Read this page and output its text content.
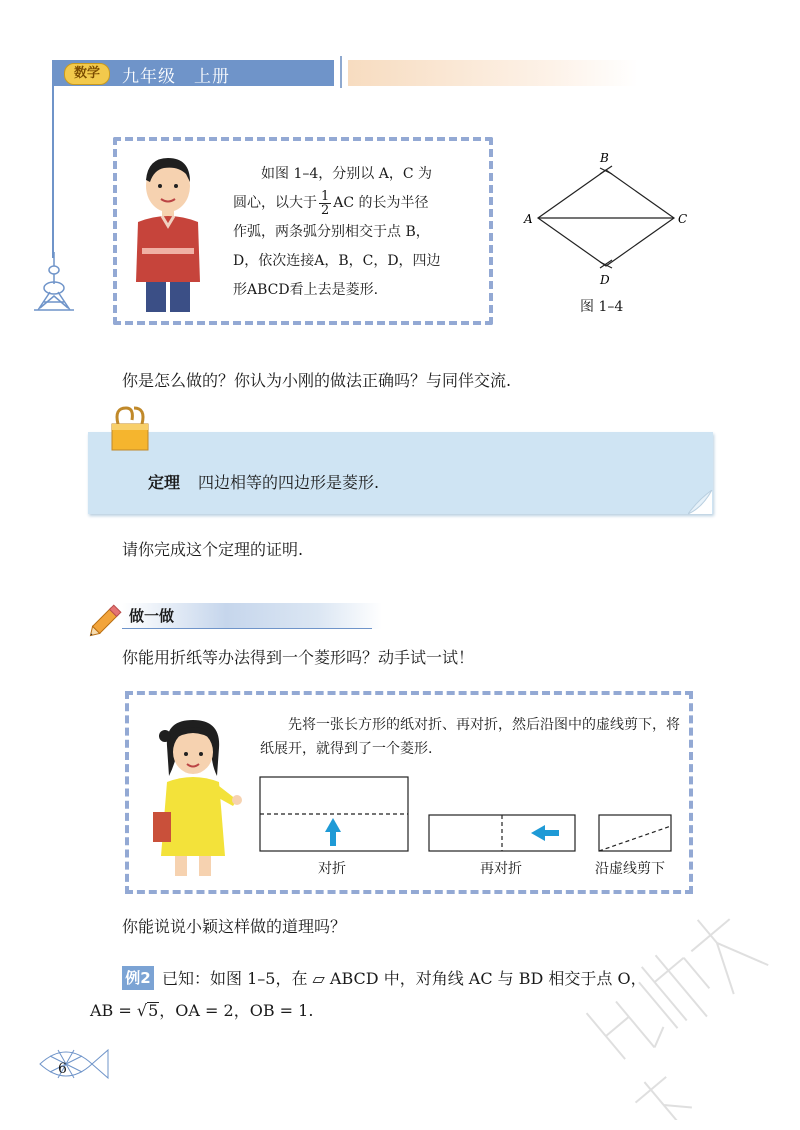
数学	九年级　上册
如图 1–4，分别以 A，C 为
圆心，以大于 $\frac{1}{2}$ AC 的长为半径
作弧，两条弧分别相交于点 B，
D，依次连接A，B，C，D，四边
形ABCD看上去是菱形.
A
B
C
D
图 1–4
你是怎么做的？你认为小刚的做法正确吗？与同伴交流.
定理 四边相等的四边形是菱形.
请你完成这个定理的证明.
做一做
你能用折纸等办法得到一个菱形吗？动手试一试！
先将一张长方形的纸对折、再对折，然后沿图中的虚线剪下，将纸展开，就得到了一个菱形.
对折	再对折	沿虚线剪下
你能说说小颖这样做的道理吗？
例2 已知：如图 1–5，在 ▱ ABCD 中，对角线 AC 与 BD 相交于点 O，
AB = √5，OA = 2，OB = 1.
6
